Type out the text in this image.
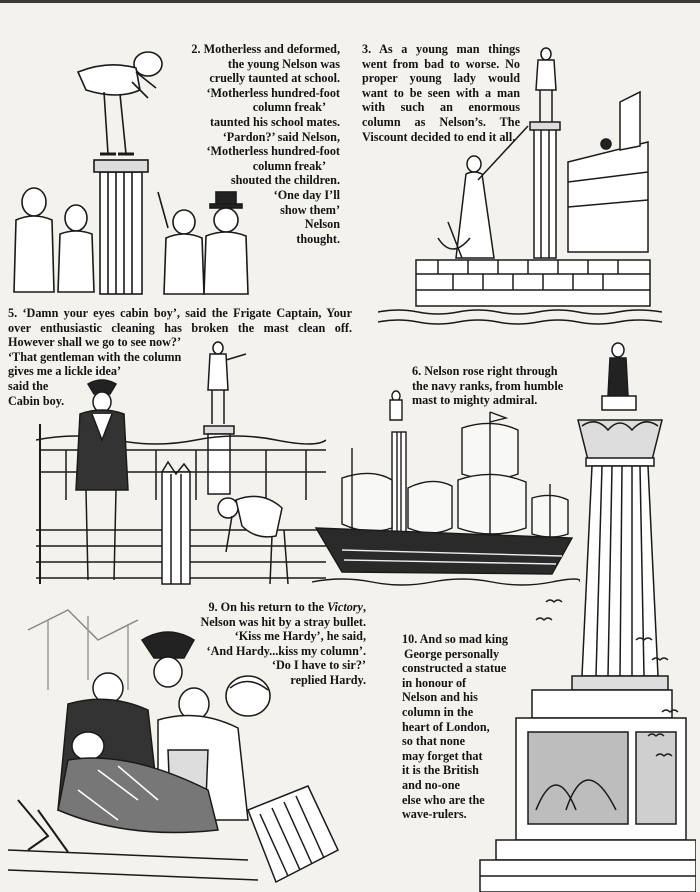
2. Motherless and deformed,
the young Nelson was
cruelly taunted at school.
‘Motherless hundred-foot
column freak’
taunted his school mates.
‘Pardon?’ said Nelson,
‘Motherless hundred-foot
column freak’
shouted the children.
‘One day I’ll
show them’
Nelson
thought.
3. As a young man things
went from bad to worse. No
proper young lady would
want to be seen with a man
with such an enormous
column as Nelson’s. The
Viscount decided to end it all.
5. ‘Damn your eyes cabin boy’, said the Frigate Captain, Your
over enthusiastic cleaning has broken the mast clean off.
However shall we go to see now?’
‘That gentleman with the column
gives me a lickle idea’
said the
Cabin boy.
6. Nelson rose right through
the navy ranks, from humble
mast to mighty admiral.
9. On his return to the Victory,
Nelson was hit by a stray bullet.
‘Kiss me Hardy’, he said,
‘And Hardy...kiss my column’.
‘Do I have to sir?’
replied Hardy.
10. And so mad king
George personally
constructed a statue
in honour of
Nelson and his
column in the
heart of London,
so that none
may forget that
it is the British
and no-one
else who are the
wave-rulers.
